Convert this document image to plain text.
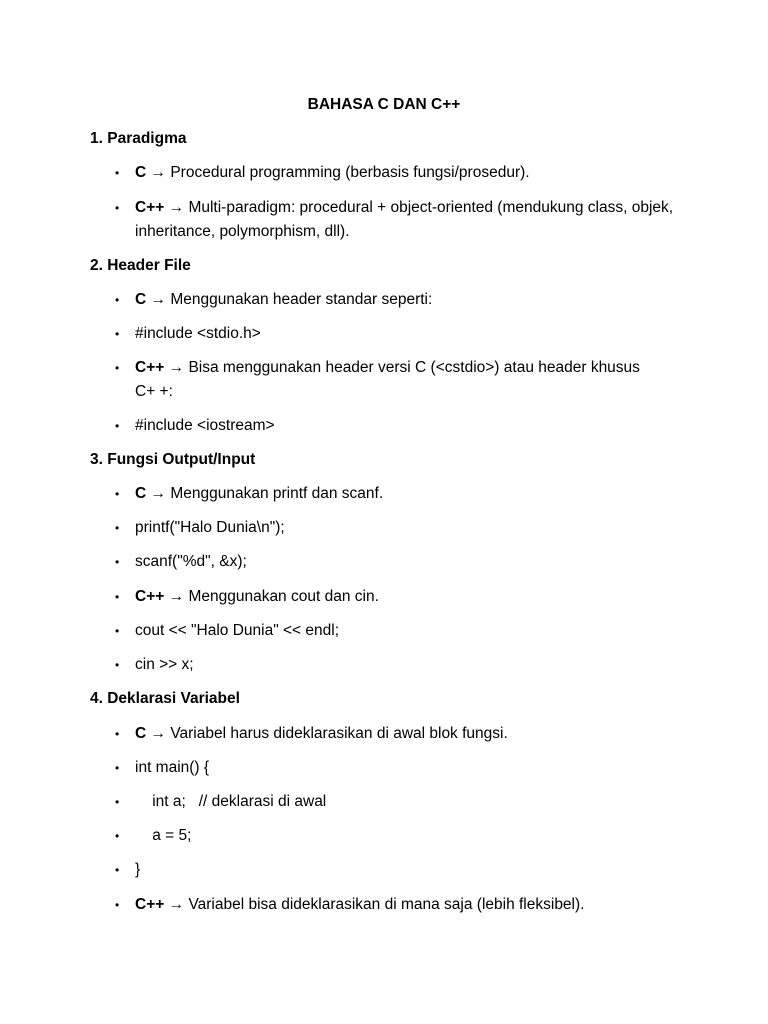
BAHASA C DAN C++
1. Paradigma
• C → Procedural programming (berbasis fungsi/prosedur).
• C++ → Multi-paradigm: procedural + object-oriented (mendukung class, objek, inheritance, polymorphism, dll).
2. Header File
• C → Menggunakan header standar seperti:
• #include <stdio.h>
• C++ → Bisa menggunakan header versi C (<cstdio>) atau header khusus C+ +:
• #include <iostream>
3. Fungsi Output/Input
• C → Menggunakan printf dan scanf.
• printf("Halo Dunia\n");
• scanf("%d", &x);
• C++ → Menggunakan cout dan cin.
• cout << "Halo Dunia" << endl;
• cin >> x;
4. Deklarasi Variabel
• C → Variabel harus dideklarasikan di awal blok fungsi.
• int main() {
• int a;   // deklarasi di awal
• a = 5;
• }
• C++ → Variabel bisa dideklarasikan di mana saja (lebih fleksibel).
